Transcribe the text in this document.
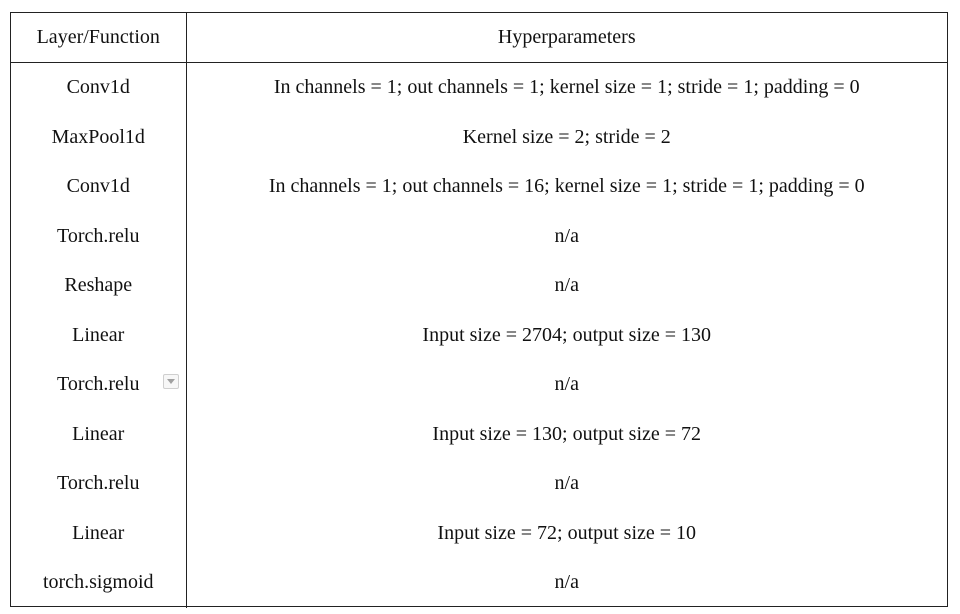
Layer/Function	Hyperparameters
Conv1d	In channels = 1; out channels = 1; kernel size = 1; stride = 1; padding = 0
MaxPool1d	Kernel size = 2; stride = 2
Conv1d	In channels = 1; out channels = 16; kernel size = 1; stride = 1; padding = 0
Torch.relu	n/a
Reshape	n/a
Linear	Input size = 2704; output size = 130
Torch.relu	n/a
Linear	Input size = 130; output size = 72
Torch.relu	n/a
Linear	Input size = 72; output size = 10
torch.sigmoid	n/a
